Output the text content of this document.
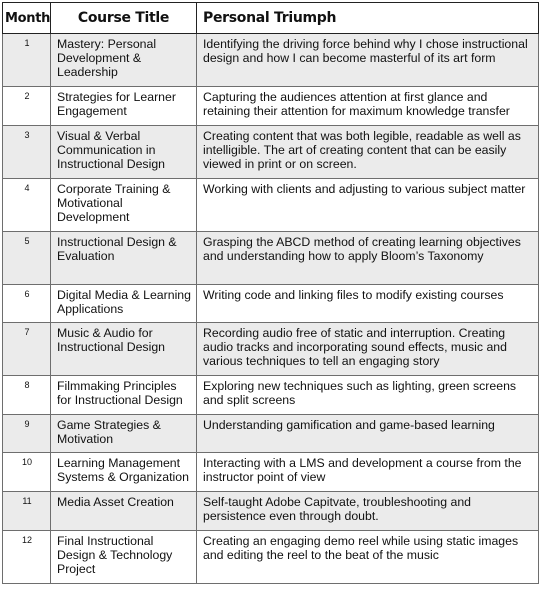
Month	Course Title	Personal Triumph
1	Mastery: Personal Development & Leadership	Identifying the driving force behind why I chose instructional design and how I can become masterful of its art form
2	Strategies for Learner Engagement	Capturing the audiences attention at first glance and retaining their attention for maximum knowledge transfer
3	Visual & Verbal Communication in Instructional Design	Creating content that was both legible, readable as well as intelligible. The art of creating content that can be easily viewed in print or on screen.
4	Corporate Training & Motivational Development	Working with clients and adjusting to various subject matter
5	Instructional Design & Evaluation	Grasping the ABCD method of creating learning objectives and understanding how to apply Bloom’s Taxonomy
6	Digital Media & Learning Applications	Writing code and linking files to modify existing courses
7	Music & Audio for Instructional Design	Recording audio free of static and interruption. Creating audio tracks and incorporating sound effects, music and various techniques to tell an engaging story
8	Filmmaking Principles for Instructional Design	Exploring new techniques such as lighting, green screens and split screens
9	Game Strategies & Motivation	Understanding gamification and game-based learning
10	Learning Management Systems & Organization	Interacting with a LMS and development a course from the instructor point of view
11	Media Asset Creation	Self-taught Adobe Capitvate, troubleshooting and persistence even through doubt.
12	Final Instructional Design & Technology Project	Creating an engaging demo reel while using static images and editing the reel to the beat of the music
